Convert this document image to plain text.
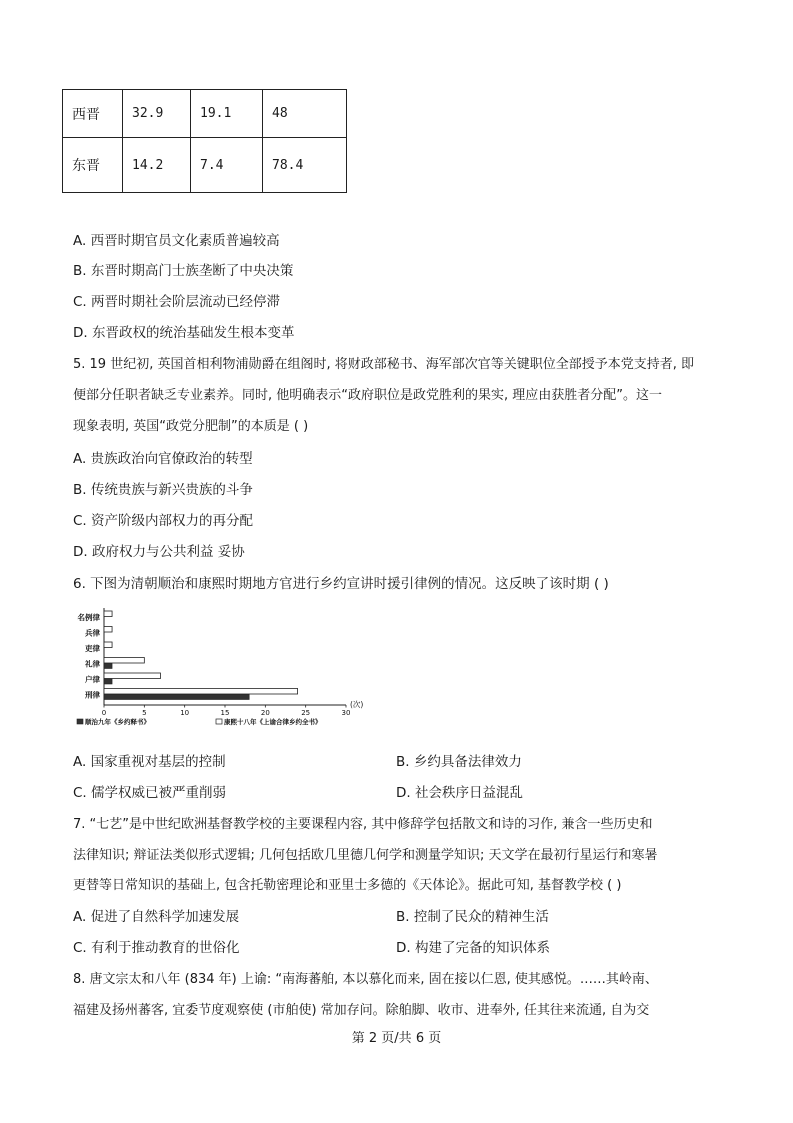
西晋	32.9	19.1	48
东晋	14.2	7.4	78.4
A. 西晋时期官员文化素质普遍较高
B. 东晋时期高门士族垄断了中央决策
C. 两晋时期社会阶层流动已经停滞
D. 东晋政权的统治基础发生根本变革
5. 19 世纪初, 英国首相利物浦勋爵在组阁时, 将财政部秘书、海军部次官等关键职位全部授予本党支持者, 即
便部分任职者缺乏专业素养。同时, 他明确表示“政府职位是政党胜利的果实, 理应由获胜者分配”。这一
现象表明, 英国“政党分肥制”的本质是 ( )
A. 贵族政治向官僚政治的转型
B. 传统贵族与新兴贵族的斗争
C. 资产阶级内部权力的再分配
D. 政府权力与公共利益 妥协
6. 下图为清朝顺治和康熙时期地方官进行乡约宣讲时援引律例的情况。这反映了该时期 ( )
名例律
兵律
吏律
礼律
户律
刑律
0	5	10	15	20	25	30
(次)
顺治九年《乡约释书》	康熙十八年《上谕合律乡约全书》
A. 国家重视对基层的控制	B. 乡约具备法律效力
C. 儒学权威已被严重削弱	D. 社会秩序日益混乱
7. “七艺”是中世纪欧洲基督教学校的主要课程内容, 其中修辞学包括散文和诗的习作, 兼含一些历史和
法律知识; 辩证法类似形式逻辑; 几何包括欧几里德几何学和测量学知识; 天文学在最初行星运行和寒暑
更替等日常知识的基础上, 包含托勒密理论和亚里士多德的《天体论》。据此可知, 基督教学校 ( )
A. 促进了自然科学加速发展	B. 控制了民众的精神生活
C. 有利于推动教育的世俗化	D. 构建了完备的知识体系
8. 唐文宗太和八年 (834 年) 上谕: “南海蕃舶, 本以慕化而来, 固在接以仁恩, 使其感悦。……其岭南、
福建及扬州蕃客, 宜委节度观察使 (市舶使) 常加存问。除舶脚、收市、进奉外, 任其往来流通, 自为交
第 2 页/共 6 页
